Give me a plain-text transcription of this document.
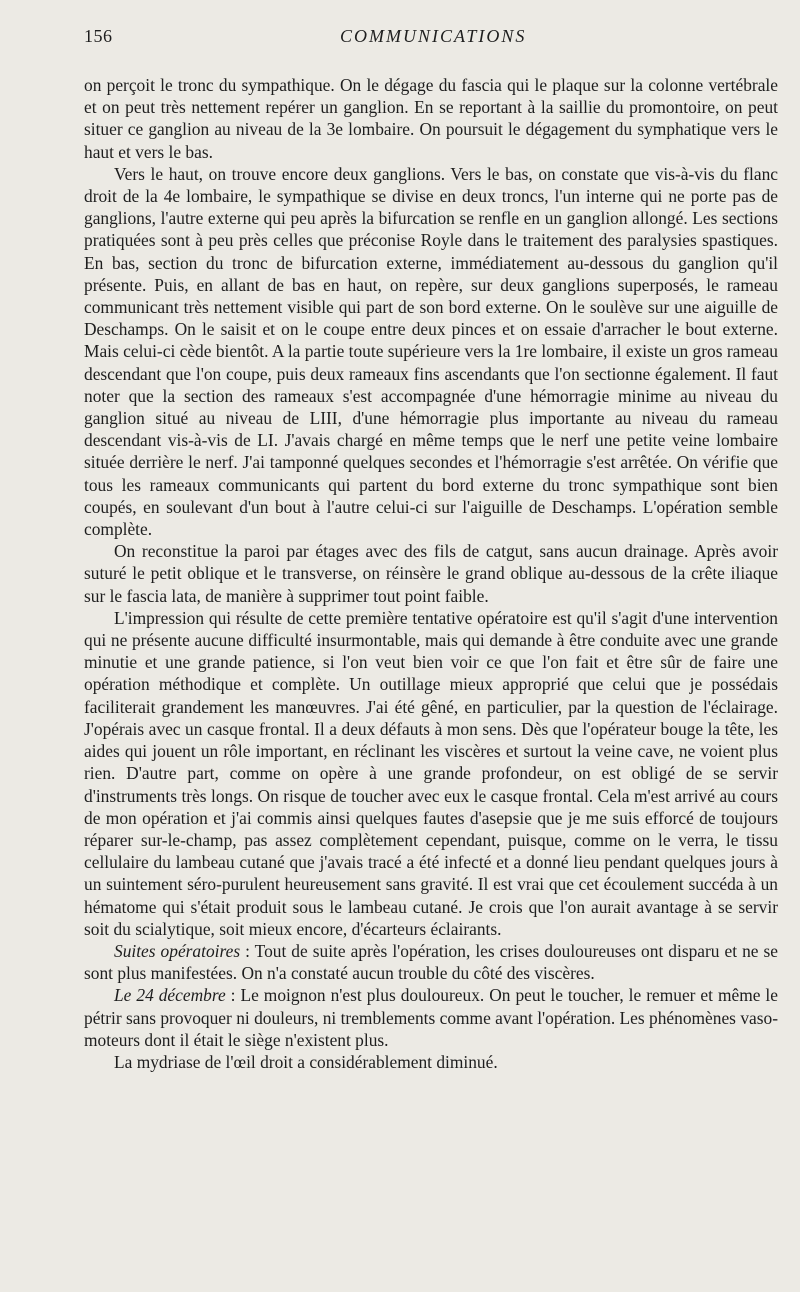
156	COMMUNICATIONS

on perçoit le tronc du sympathique. On le dégage du fascia qui le plaque sur la colonne vertébrale et on peut très nettement repérer un ganglion. En se reportant à la saillie du promontoire, on peut situer ce ganglion au niveau de la 3e lombaire. On poursuit le dégagement du symphatique vers le haut et vers le bas.

Vers le haut, on trouve encore deux ganglions. Vers le bas, on constate que vis-à-vis du flanc droit de la 4e lombaire, le sympathique se divise en deux troncs, l'un interne qui ne porte pas de ganglions, l'autre externe qui peu après la bifurcation se renfle en un ganglion allongé. Les sections pratiquées sont à peu près celles que préconise Royle dans le traitement des paralysies spastiques. En bas, section du tronc de bifurcation externe, immédiatement au-dessous du ganglion qu'il présente. Puis, en allant de bas en haut, on repère, sur deux ganglions superposés, le rameau communicant très nettement visible qui part de son bord externe. On le soulève sur une aiguille de Deschamps. On le saisit et on le coupe entre deux pinces et on essaie d'arracher le bout externe. Mais celui-ci cède bientôt. A la partie toute supérieure vers la 1re lombaire, il existe un gros rameau descendant que l'on coupe, puis deux rameaux fins ascendants que l'on sectionne également. Il faut noter que la section des rameaux s'est accompagnée d'une hémorragie minime au niveau du ganglion situé au niveau de LIII, d'une hémorragie plus importante au niveau du rameau descendant vis-à-vis de LI. J'avais chargé en même temps que le nerf une petite veine lombaire située derrière le nerf. J'ai tamponné quelques secondes et l'hémorragie s'est arrêtée. On vérifie que tous les rameaux communicants qui partent du bord externe du tronc sympathique sont bien coupés, en soulevant d'un bout à l'autre celui-ci sur l'aiguille de Deschamps. L'opération semble complète.

On reconstitue la paroi par étages avec des fils de catgut, sans aucun drainage. Après avoir suturé le petit oblique et le transverse, on réinsère le grand oblique au-dessous de la crête iliaque sur le fascia lata, de manière à supprimer tout point faible.

L'impression qui résulte de cette première tentative opératoire est qu'il s'agit d'une intervention qui ne présente aucune difficulté insurmontable, mais qui demande à être conduite avec une grande minutie et une grande patience, si l'on veut bien voir ce que l'on fait et être sûr de faire une opération méthodique et complète. Un outillage mieux approprié que celui que je possédais faciliterait grandement les manœuvres. J'ai été gêné, en particulier, par la question de l'éclairage. J'opérais avec un casque frontal. Il a deux défauts à mon sens. Dès que l'opérateur bouge la tête, les aides qui jouent un rôle important, en réclinant les viscères et surtout la veine cave, ne voient plus rien. D'autre part, comme on opère à une grande profondeur, on est obligé de se servir d'instruments très longs. On risque de toucher avec eux le casque frontal. Cela m'est arrivé au cours de mon opération et j'ai commis ainsi quelques fautes d'asepsie que je me suis efforcé de toujours réparer sur-le-champ, pas assez complètement cependant, puisque, comme on le verra, le tissu cellulaire du lambeau cutané que j'avais tracé a été infecté et a donné lieu pendant quelques jours à un suintement séro-purulent heureusement sans gravité. Il est vrai que cet écoulement succéda à un hématome qui s'était produit sous le lambeau cutané. Je crois que l'on aurait avantage à se servir soit du scialytique, soit mieux encore, d'écarteurs éclairants.

Suites opératoires : Tout de suite après l'opération, les crises douloureuses ont disparu et ne se sont plus manifestées. On n'a constaté aucun trouble du côté des viscères.

Le 24 décembre : Le moignon n'est plus douloureux. On peut le toucher, le remuer et même le pétrir sans provoquer ni douleurs, ni tremblements comme avant l'opération. Les phénomènes vaso-moteurs dont il était le siège n'existent plus.

La mydriase de l'œil droit a considérablement diminué.
